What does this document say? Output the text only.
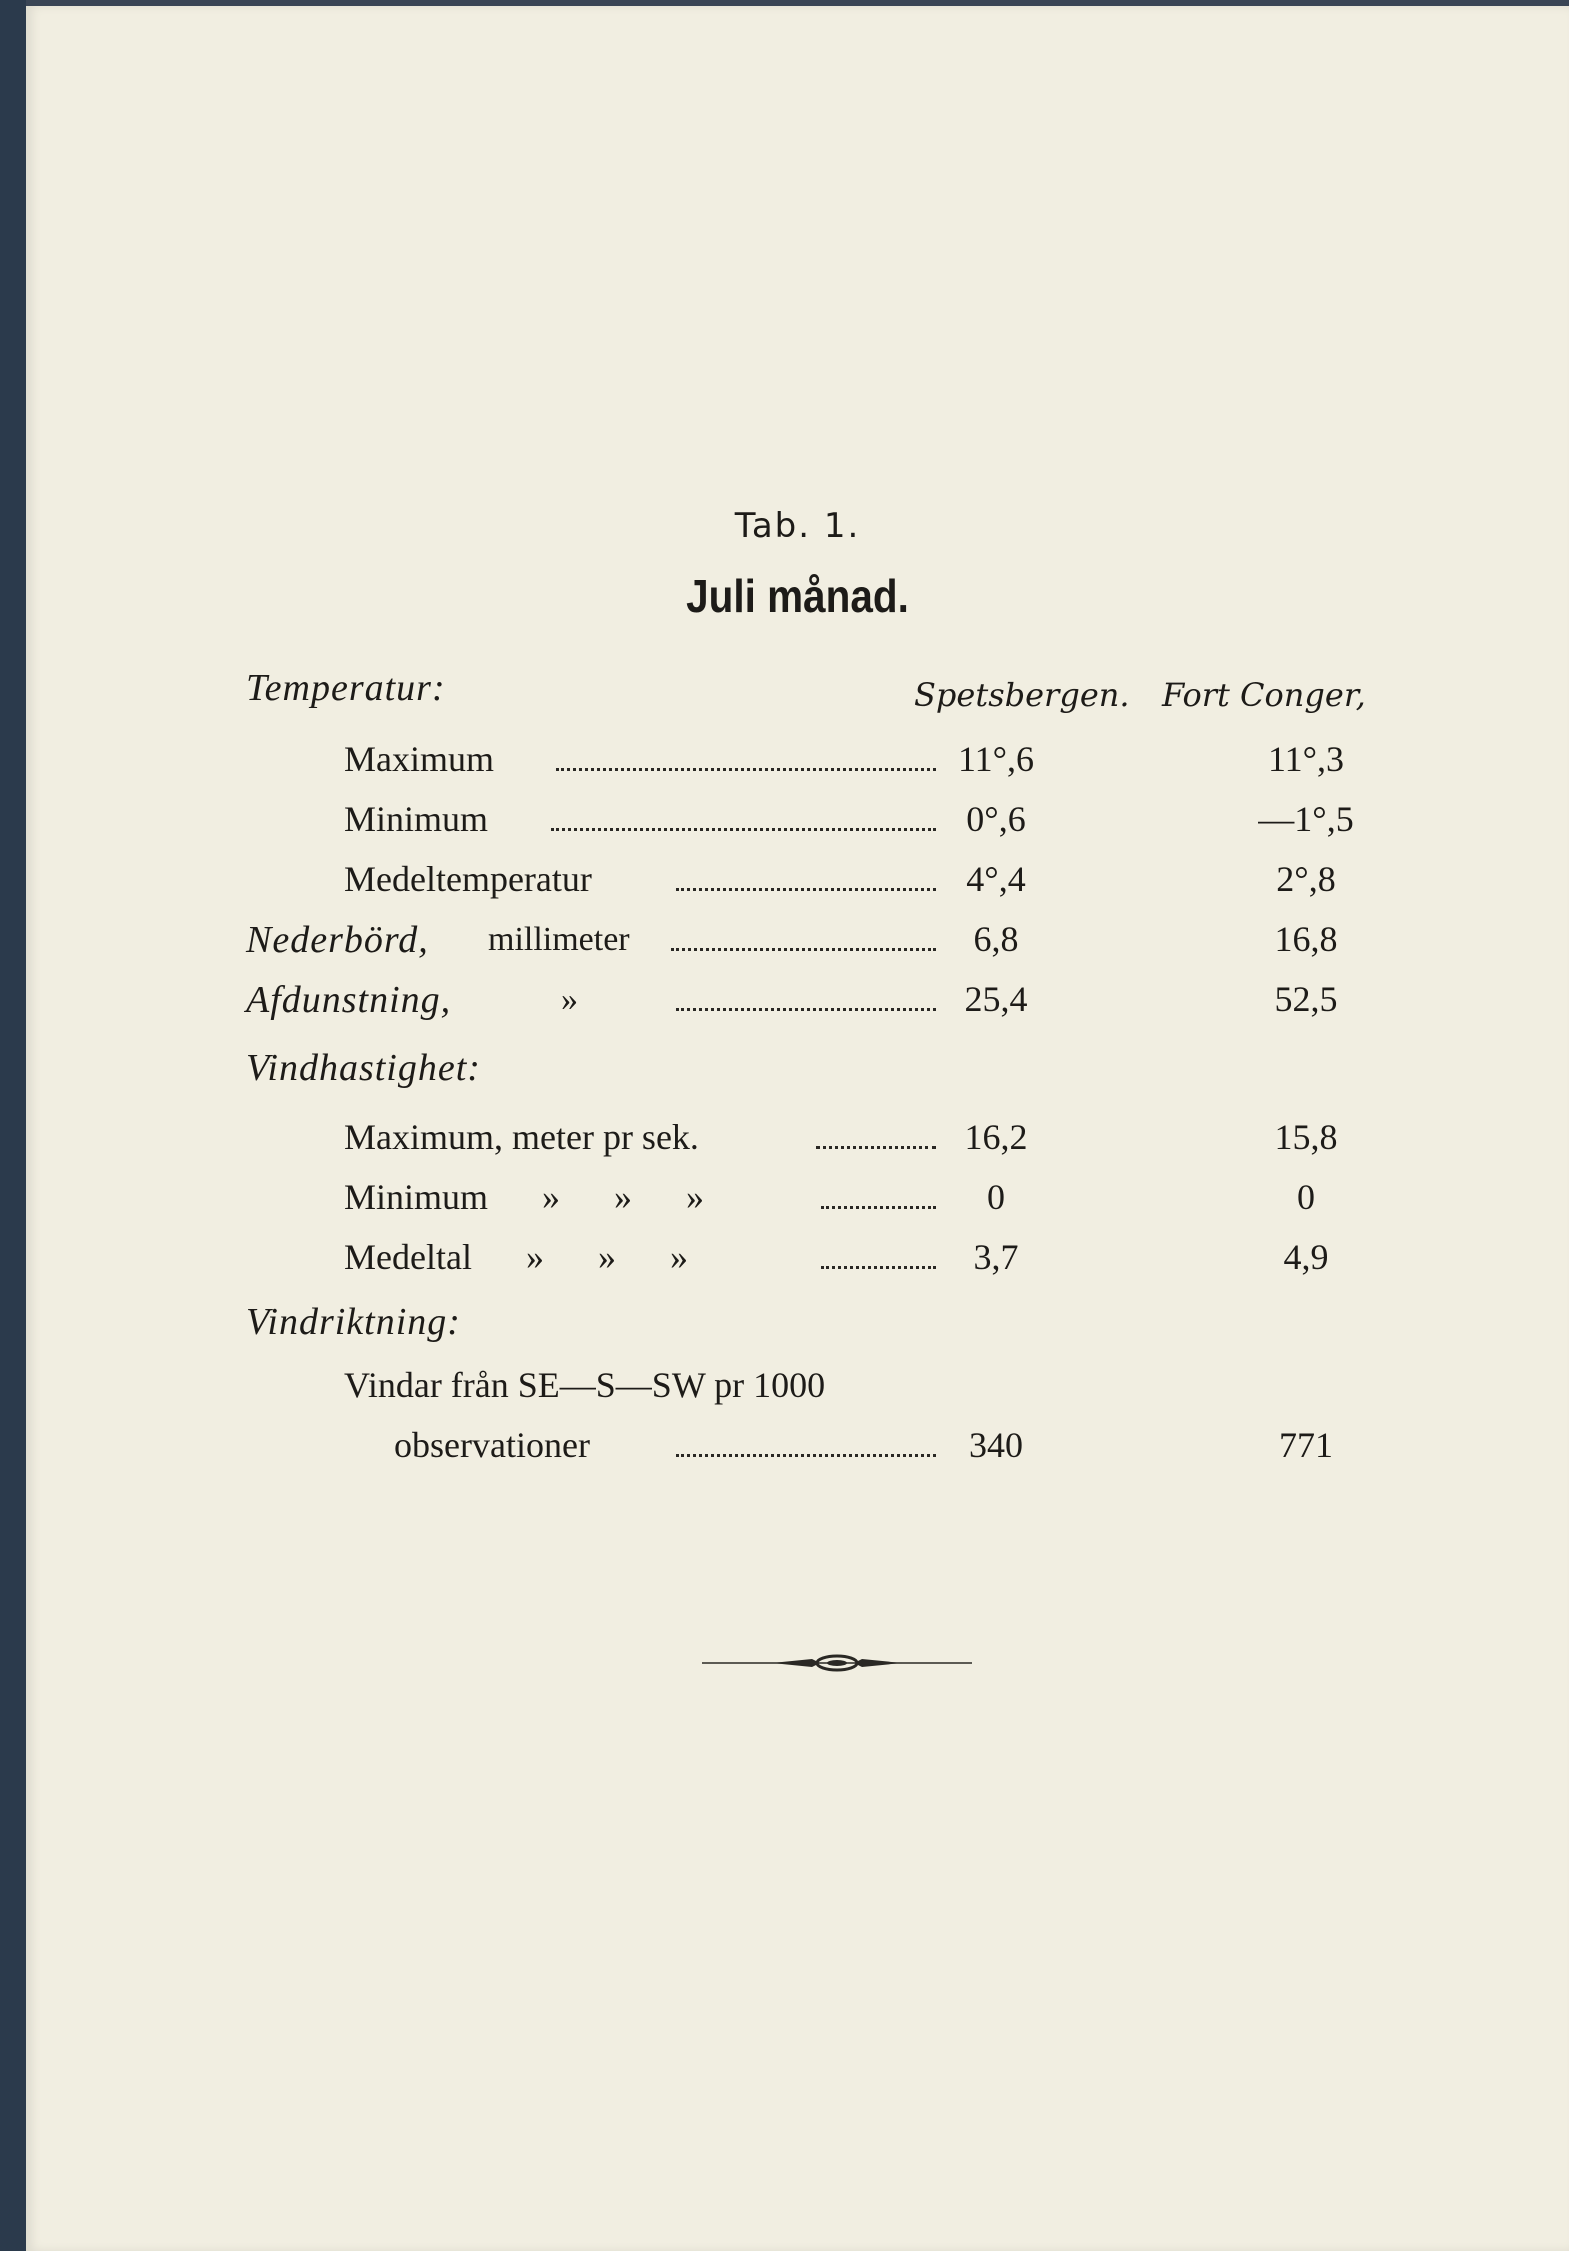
Tab. 1.
Juli månad.
Spetsbergen. Fort Conger,
Temperatur:
Maximum	11°,6	11°,3
Minimum	0°,6	—1°,5
Medeltemperatur	4°,4	2°,8
Nederbörd, millimeter	6,8	16,8
Afdunstning,	»	25,4	52,5
Vindhastighet:
Maximum, meter pr sek.	16,2	15,8
Minimum      »      »      »	0	0
Medeltal      »      »      »	3,7	4,9
Vindriktning:
Vindar från SE—S—SW pr 1000
observationer	340	771
